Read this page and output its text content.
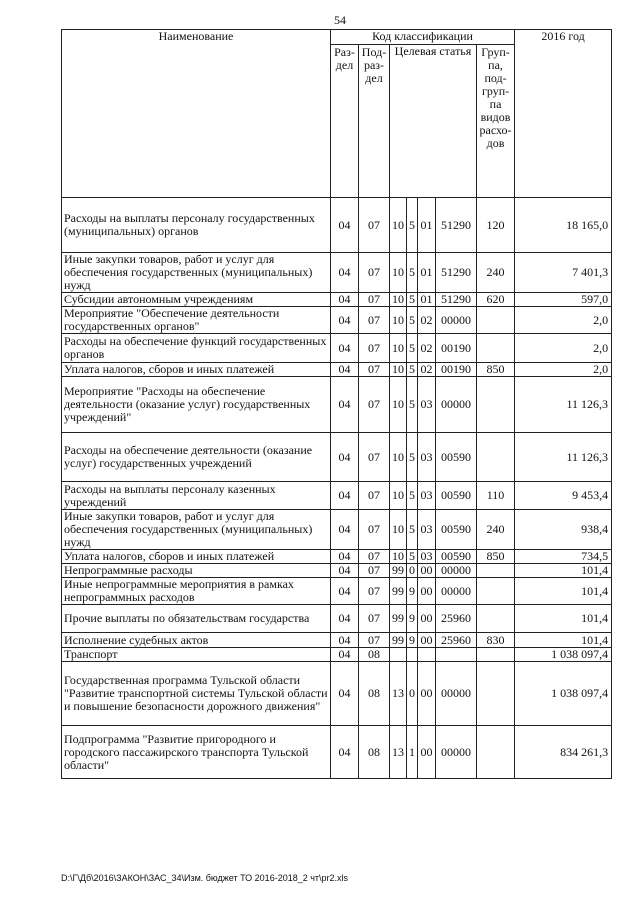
54
Наименование	Код классификации							2016 год
	Раз- дел	Под- раз- дел	Целевая статья				Груп- па, под- груп- па видов расхо- дов	
Расходы на выплаты персоналу государственных (муниципальных) органов	04	07	10	5	01	51290	120	18 165,0
Иные закупки товаров, работ и услуг для обеспечения государственных (муниципальных) нужд	04	07	10	5	01	51290	240	7 401,3
Субсидии автономным учреждениям	04	07	10	5	01	51290	620	597,0
Мероприятие "Обеспечение деятельности государственных органов"	04	07	10	5	02	00000		2,0
Расходы на обеспечение функций государственных органов	04	07	10	5	02	00190		2,0
Уплата налогов, сборов и иных платежей	04	07	10	5	02	00190	850	2,0
Мероприятие "Расходы на обеспечение деятельности (оказание услуг) государственных учреждений"	04	07	10	5	03	00000		11 126,3
Расходы на обеспечение деятельности (оказание услуг) государственных учреждений	04	07	10	5	03	00590		11 126,3
Расходы на выплаты персоналу казенных учреждений	04	07	10	5	03	00590	110	9 453,4
Иные закупки товаров, работ и услуг для обеспечения государственных (муниципальных) нужд	04	07	10	5	03	00590	240	938,4
Уплата налогов, сборов и иных платежей	04	07	10	5	03	00590	850	734,5
Непрограммные расходы	04	07	99	0	00	00000		101,4
Иные непрограммные мероприятия в рамках непрограммных расходов	04	07	99	9	00	00000		101,4
Прочие выплаты по обязательствам государства	04	07	99	9	00	25960		101,4
Исполнение судебных актов	04	07	99	9	00	25960	830	101,4
Транспорт	04	08						1 038 097,4
Государственная программа Тульской области "Развитие транспортной системы Тульской области и повышение безопасности дорожного движения"	04	08	13	0	00	00000		1 038 097,4
Подпрограмма "Развитие пригородного и городского пассажирского транспорта Тульской области"	04	08	13	1	00	00000		834 261,3
D:\Г\Дб\2016\ЗАКОН\ЗАС_34\Изм. бюджет ТО 2016-2018_2 чт\pr2.xls
